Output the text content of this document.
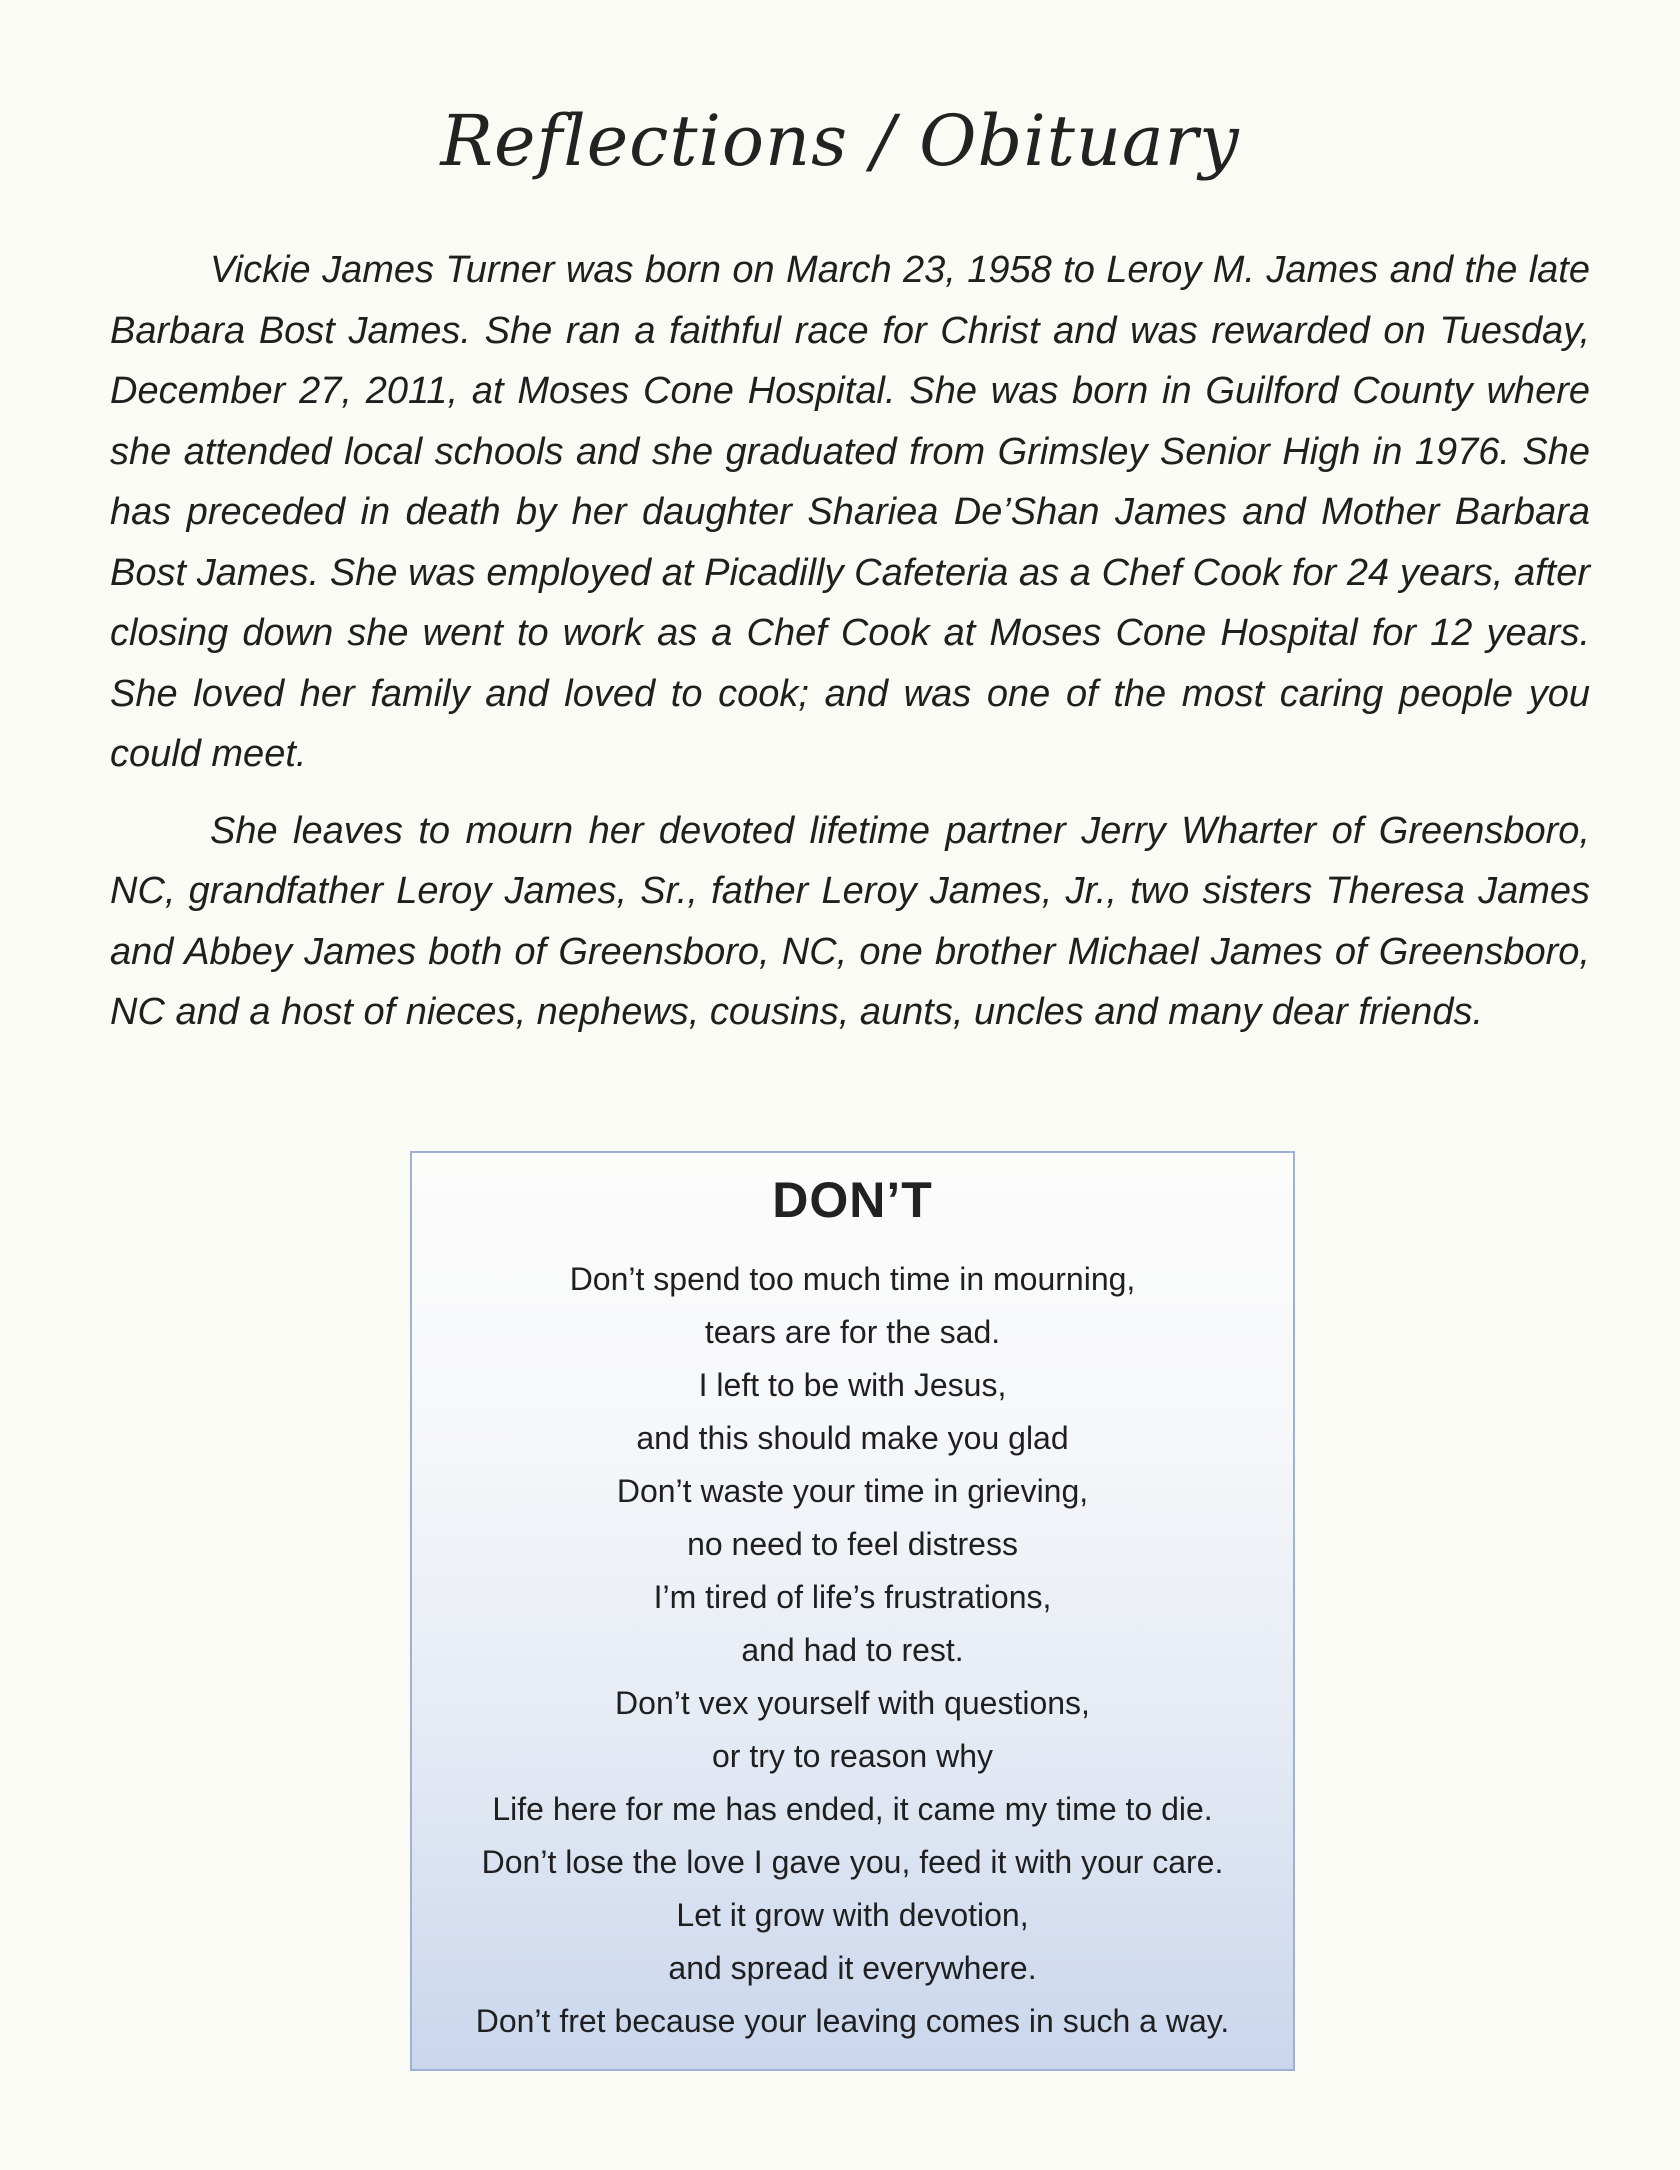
Reflections / Obituary

Vickie James Turner was born on March 23, 1958 to Leroy M. James and the late Barbara Bost James. She ran a faithful race for Christ and was rewarded on Tuesday, December 27, 2011, at Moses Cone Hospital. She was born in Guilford County where she attended local schools and she graduated from Grimsley Senior High in 1976. She has preceded in death by her daughter Shariea De’Shan James and Mother Barbara Bost James. She was employed at Picadilly Cafeteria as a Chef Cook for 24 years, after closing down she went to work as a Chef Cook at Moses Cone Hospital for 12 years. She loved her family and loved to cook; and was one of the most caring people you could meet.

She leaves to mourn her devoted lifetime partner Jerry Wharter of Greensboro, NC, grandfather Leroy James, Sr., father Leroy James, Jr., two sisters Theresa James and Abbey James both of Greensboro, NC, one brother Michael James of Greensboro, NC and a host of nieces, nephews, cousins, aunts, uncles and many dear friends.

DON’T
Don’t spend too much time in mourning,
tears are for the sad.
I left to be with Jesus,
and this should make you glad
Don’t waste your time in grieving,
no need to feel distress
I’m tired of life’s frustrations,
and had to rest.
Don’t vex yourself with questions,
or try to reason why
Life here for me has ended, it came my time to die.
Don’t lose the love I gave you, feed it with your care.
Let it grow with devotion,
and spread it everywhere.
Don’t fret because your leaving comes in such a way.
